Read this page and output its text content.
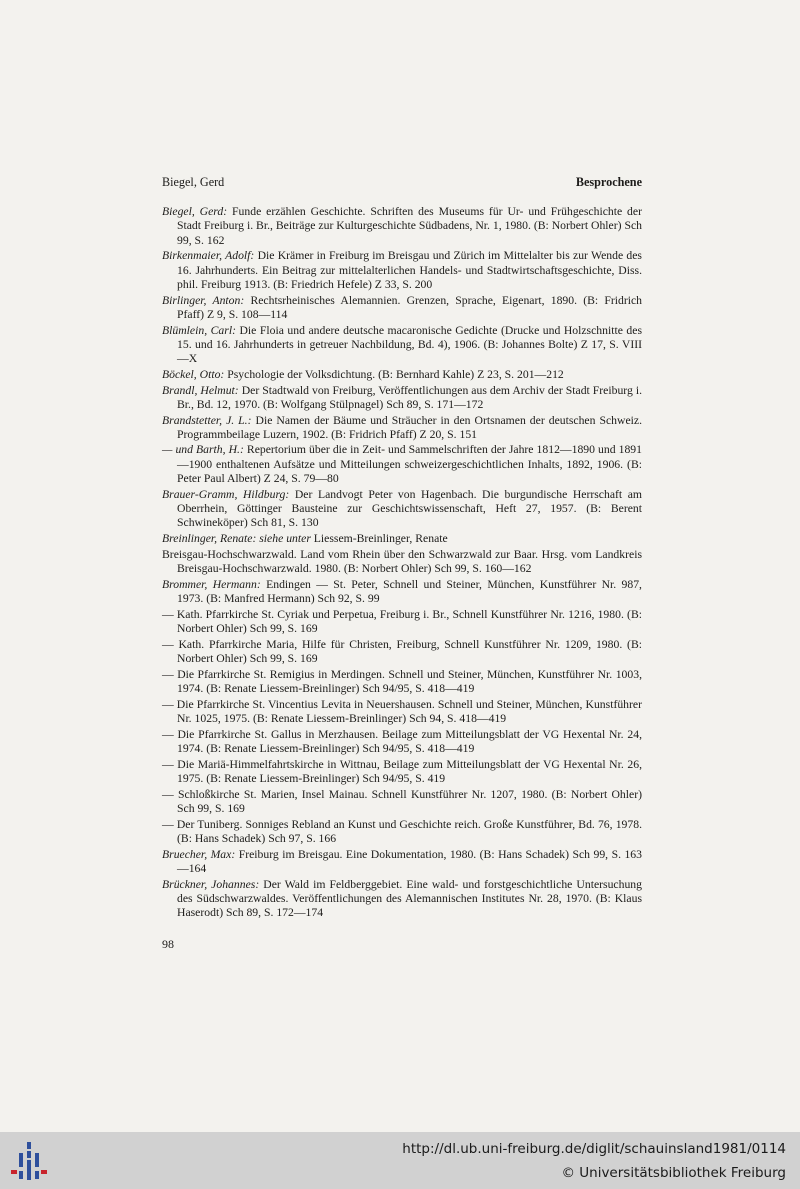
Biegel, Gerd	Besprochene

Biegel, Gerd: Funde erzählen Geschichte. Schriften des Museums für Ur- und Frühgeschichte der Stadt Freiburg i. Br., Beiträge zur Kulturgeschichte Südbadens, Nr. 1, 1980. (B: Norbert Ohler) Sch 99, S. 162

Birkenmaier, Adolf: Die Krämer in Freiburg im Breisgau und Zürich im Mittelalter bis zur Wende des 16. Jahrhunderts. Ein Beitrag zur mittelalterlichen Handels- und Stadtwirtschaftsgeschichte, Diss. phil. Freiburg 1913. (B: Friedrich Hefele) Z 33, S. 200

Birlinger, Anton: Rechtsrheinisches Alemannien. Grenzen, Sprache, Eigenart, 1890. (B: Fridrich Pfaff) Z 9, S. 108—114

Blümlein, Carl: Die Floia und andere deutsche macaronische Gedichte (Drucke und Holzschnitte des 15. und 16. Jahrhunderts in getreuer Nachbildung, Bd. 4), 1906. (B: Johannes Bolte) Z 17, S. VIII—X

Böckel, Otto: Psychologie der Volksdichtung. (B: Bernhard Kahle) Z 23, S. 201—212

Brandl, Helmut: Der Stadtwald von Freiburg, Veröffentlichungen aus dem Archiv der Stadt Freiburg i. Br., Bd. 12, 1970. (B: Wolfgang Stülpnagel) Sch 89, S. 171—172

Brandstetter, J. L.: Die Namen der Bäume und Sträucher in den Ortsnamen der deutschen Schweiz. Programmbeilage Luzern, 1902. (B: Fridrich Pfaff) Z 20, S. 151

— und Barth, H.: Repertorium über die in Zeit- und Sammelschriften der Jahre 1812—1890 und 1891—1900 enthaltenen Aufsätze und Mitteilungen schweizergeschichtlichen Inhalts, 1892, 1906. (B: Peter Paul Albert) Z 24, S. 79—80

Brauer-Gramm, Hildburg: Der Landvogt Peter von Hagenbach. Die burgundische Herrschaft am Oberrhein, Göttinger Bausteine zur Geschichtswissenschaft, Heft 27, 1957. (B: Berent Schwineköper) Sch 81, S. 130

Breinlinger, Renate: siehe unter Liessem-Breinlinger, Renate

Breisgau-Hochschwarzwald. Land vom Rhein über den Schwarzwald zur Baar. Hrsg. vom Landkreis Breisgau-Hochschwarzwald. 1980. (B: Norbert Ohler) Sch 99, S. 160—162

Brommer, Hermann: Endingen — St. Peter, Schnell und Steiner, München, Kunstführer Nr. 987, 1973. (B: Manfred Hermann) Sch 92, S. 99

— Kath. Pfarrkirche St. Cyriak und Perpetua, Freiburg i. Br., Schnell Kunstführer Nr. 1216, 1980. (B: Norbert Ohler) Sch 99, S. 169

— Kath. Pfarrkirche Maria, Hilfe für Christen, Freiburg, Schnell Kunstführer Nr. 1209, 1980. (B: Norbert Ohler) Sch 99, S. 169

— Die Pfarrkirche St. Remigius in Merdingen. Schnell und Steiner, München, Kunstführer Nr. 1003, 1974. (B: Renate Liessem-Breinlinger) Sch 94/95, S. 418—419

— Die Pfarrkirche St. Vincentius Levita in Neuershausen. Schnell und Steiner, München, Kunstführer Nr. 1025, 1975. (B: Renate Liessem-Breinlinger) Sch 94, S. 418—419

— Die Pfarrkirche St. Gallus in Merzhausen. Beilage zum Mitteilungsblatt der VG Hexental Nr. 24, 1974. (B: Renate Liessem-Breinlinger) Sch 94/95, S. 418—419

— Die Mariä-Himmelfahrtskirche in Wittnau, Beilage zum Mitteilungsblatt der VG Hexental Nr. 26, 1975. (B: Renate Liessem-Breinlinger) Sch 94/95, S. 419

— Schloßkirche St. Marien, Insel Mainau. Schnell Kunstführer Nr. 1207, 1980. (B: Norbert Ohler) Sch 99, S. 169

— Der Tuniberg. Sonniges Rebland an Kunst und Geschichte reich. Große Kunstführer, Bd. 76, 1978. (B: Hans Schadek) Sch 97, S. 166

Bruecher, Max: Freiburg im Breisgau. Eine Dokumentation, 1980. (B: Hans Schadek) Sch 99, S. 163—164

Brückner, Johannes: Der Wald im Feldberggebiet. Eine wald- und forstgeschichtliche Untersuchung des Südschwarzwaldes. Veröffentlichungen des Alemannischen Institutes Nr. 28, 1970. (B: Klaus Haserodt) Sch 89, S. 172—174

98
http://dl.ub.uni-freiburg.de/diglit/schauinsland1981/0114
© Universitätsbibliothek Freiburg
